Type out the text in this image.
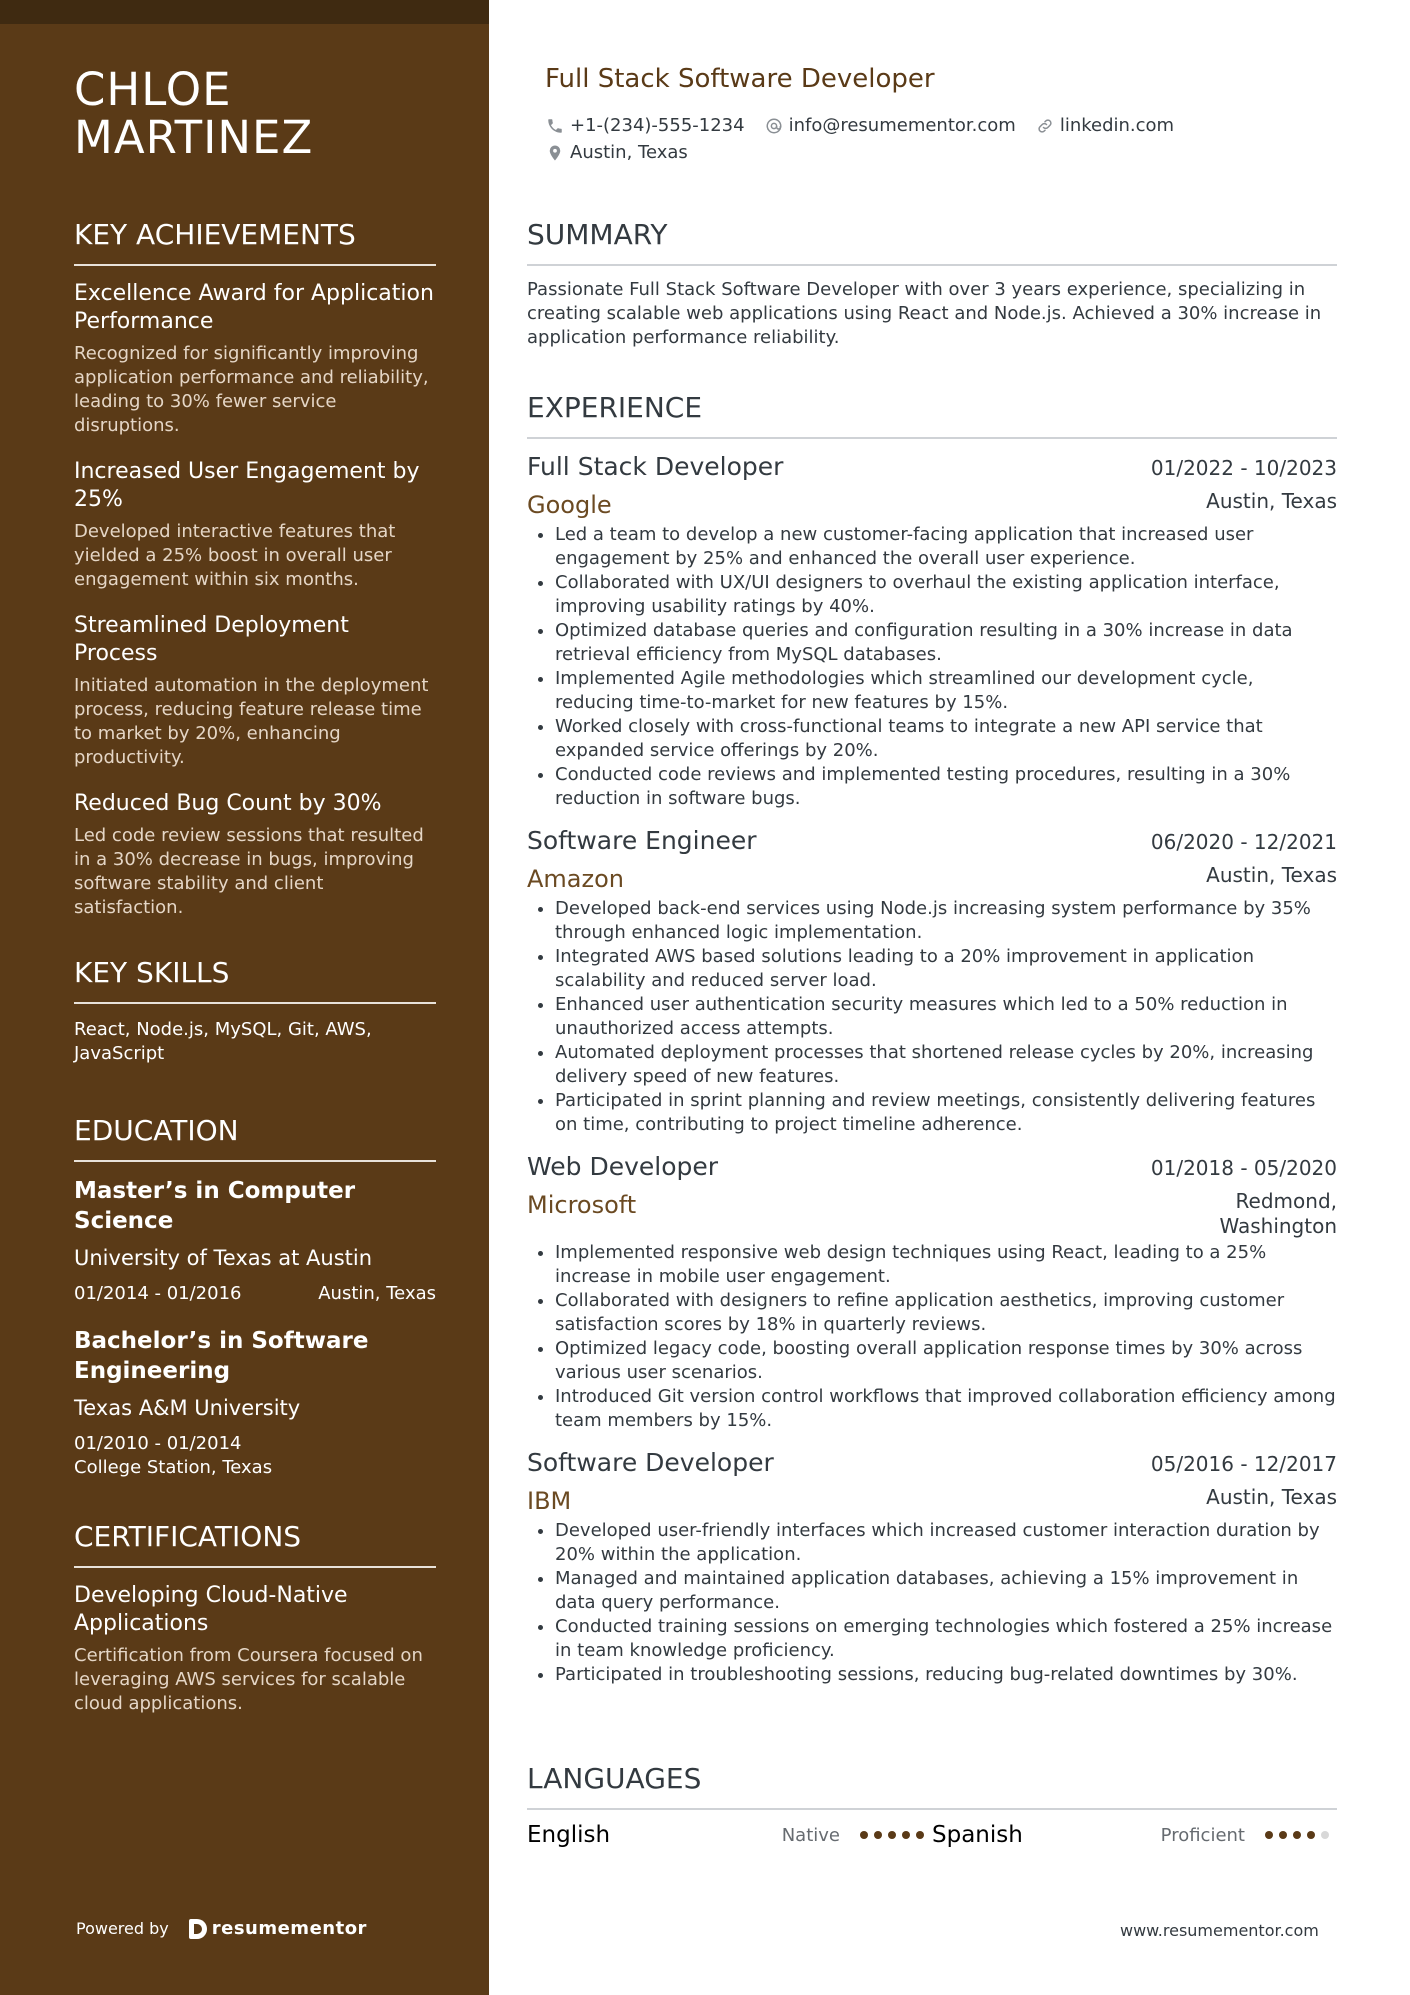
CHLOE
MARTINEZ
KEY ACHIEVEMENTS

Excellence Award for Application Performance

Recognized for significantly improving application performance and reliability, leading to 30% fewer service disruptions.

Increased User Engagement by 25%

Developed interactive features that yielded a 25% boost in overall user engagement within six months.

Streamlined Deployment Process

Initiated automation in the deployment process, reducing feature release time to market by 20%, enhancing productivity.

Reduced Bug Count by 30%

Led code review sessions that resulted in a 30% decrease in bugs, improving software stability and client satisfaction.

KEY SKILLS

React, Node.js, MySQL, Git, AWS, JavaScript

EDUCATION

Master’s in Computer Science

University of Texas at Austin

01/2014 - 01/2016	Austin, Texas

Bachelor’s in Software Engineering

Texas A&M University

01/2010 - 01/2014
College Station, Texas
CERTIFICATIONS

Developing Cloud-Native Applications

Certification from Coursera focused on leveraging AWS services for scalable cloud applications.

Powered by resumementor
Full Stack Software Developer
+1-(234)-555-1234 info@resumementor.com linkedin.com
Austin, Texas
SUMMARY

Passionate Full Stack Software Developer with over 3 years experience, specializing in creating scalable web applications using React and Node.js. Achieved a 30% increase in application performance reliability.

EXPERIENCE
Full Stack Developer	01/2022 - 10/2023
Google	Austin, Texas
• Led a team to develop a new customer-facing application that increased user engagement by 25% and enhanced the overall user experience.
• Collaborated with UX/UI designers to overhaul the existing application interface, improving usability ratings by 40%.
• Optimized database queries and configuration resulting in a 30% increase in data retrieval efficiency from MySQL databases.
• Implemented Agile methodologies which streamlined our development cycle, reducing time-to-market for new features by 15%.
• Worked closely with cross-functional teams to integrate a new API service that expanded service offerings by 20%.
• Conducted code reviews and implemented testing procedures, resulting in a 30% reduction in software bugs.
Software Engineer	06/2020 - 12/2021
Amazon	Austin, Texas
• Developed back-end services using Node.js increasing system performance by 35% through enhanced logic implementation.
• Integrated AWS based solutions leading to a 20% improvement in application scalability and reduced server load.
• Enhanced user authentication security measures which led to a 50% reduction in unauthorized access attempts.
• Automated deployment processes that shortened release cycles by 20%, increasing delivery speed of new features.
• Participated in sprint planning and review meetings, consistently delivering features on time, contributing to project timeline adherence.
Web Developer	01/2018 - 05/2020
Microsoft	Redmond, Washington
• Implemented responsive web design techniques using React, leading to a 25% increase in mobile user engagement.
• Collaborated with designers to refine application aesthetics, improving customer satisfaction scores by 18% in quarterly reviews.
• Optimized legacy code, boosting overall application response times by 30% across various user scenarios.
• Introduced Git version control workflows that improved collaboration efficiency among team members by 15%.
Software Developer	05/2016 - 12/2017
IBM	Austin, Texas
• Developed user-friendly interfaces which increased customer interaction duration by 20% within the application.
• Managed and maintained application databases, achieving a 15% improvement in data query performance.
• Conducted training sessions on emerging technologies which fostered a 25% increase in team knowledge proficiency.
• Participated in troubleshooting sessions, reducing bug-related downtimes by 30%.
LANGUAGES
English	Native	Spanish	Proficient
www.resumementor.com
